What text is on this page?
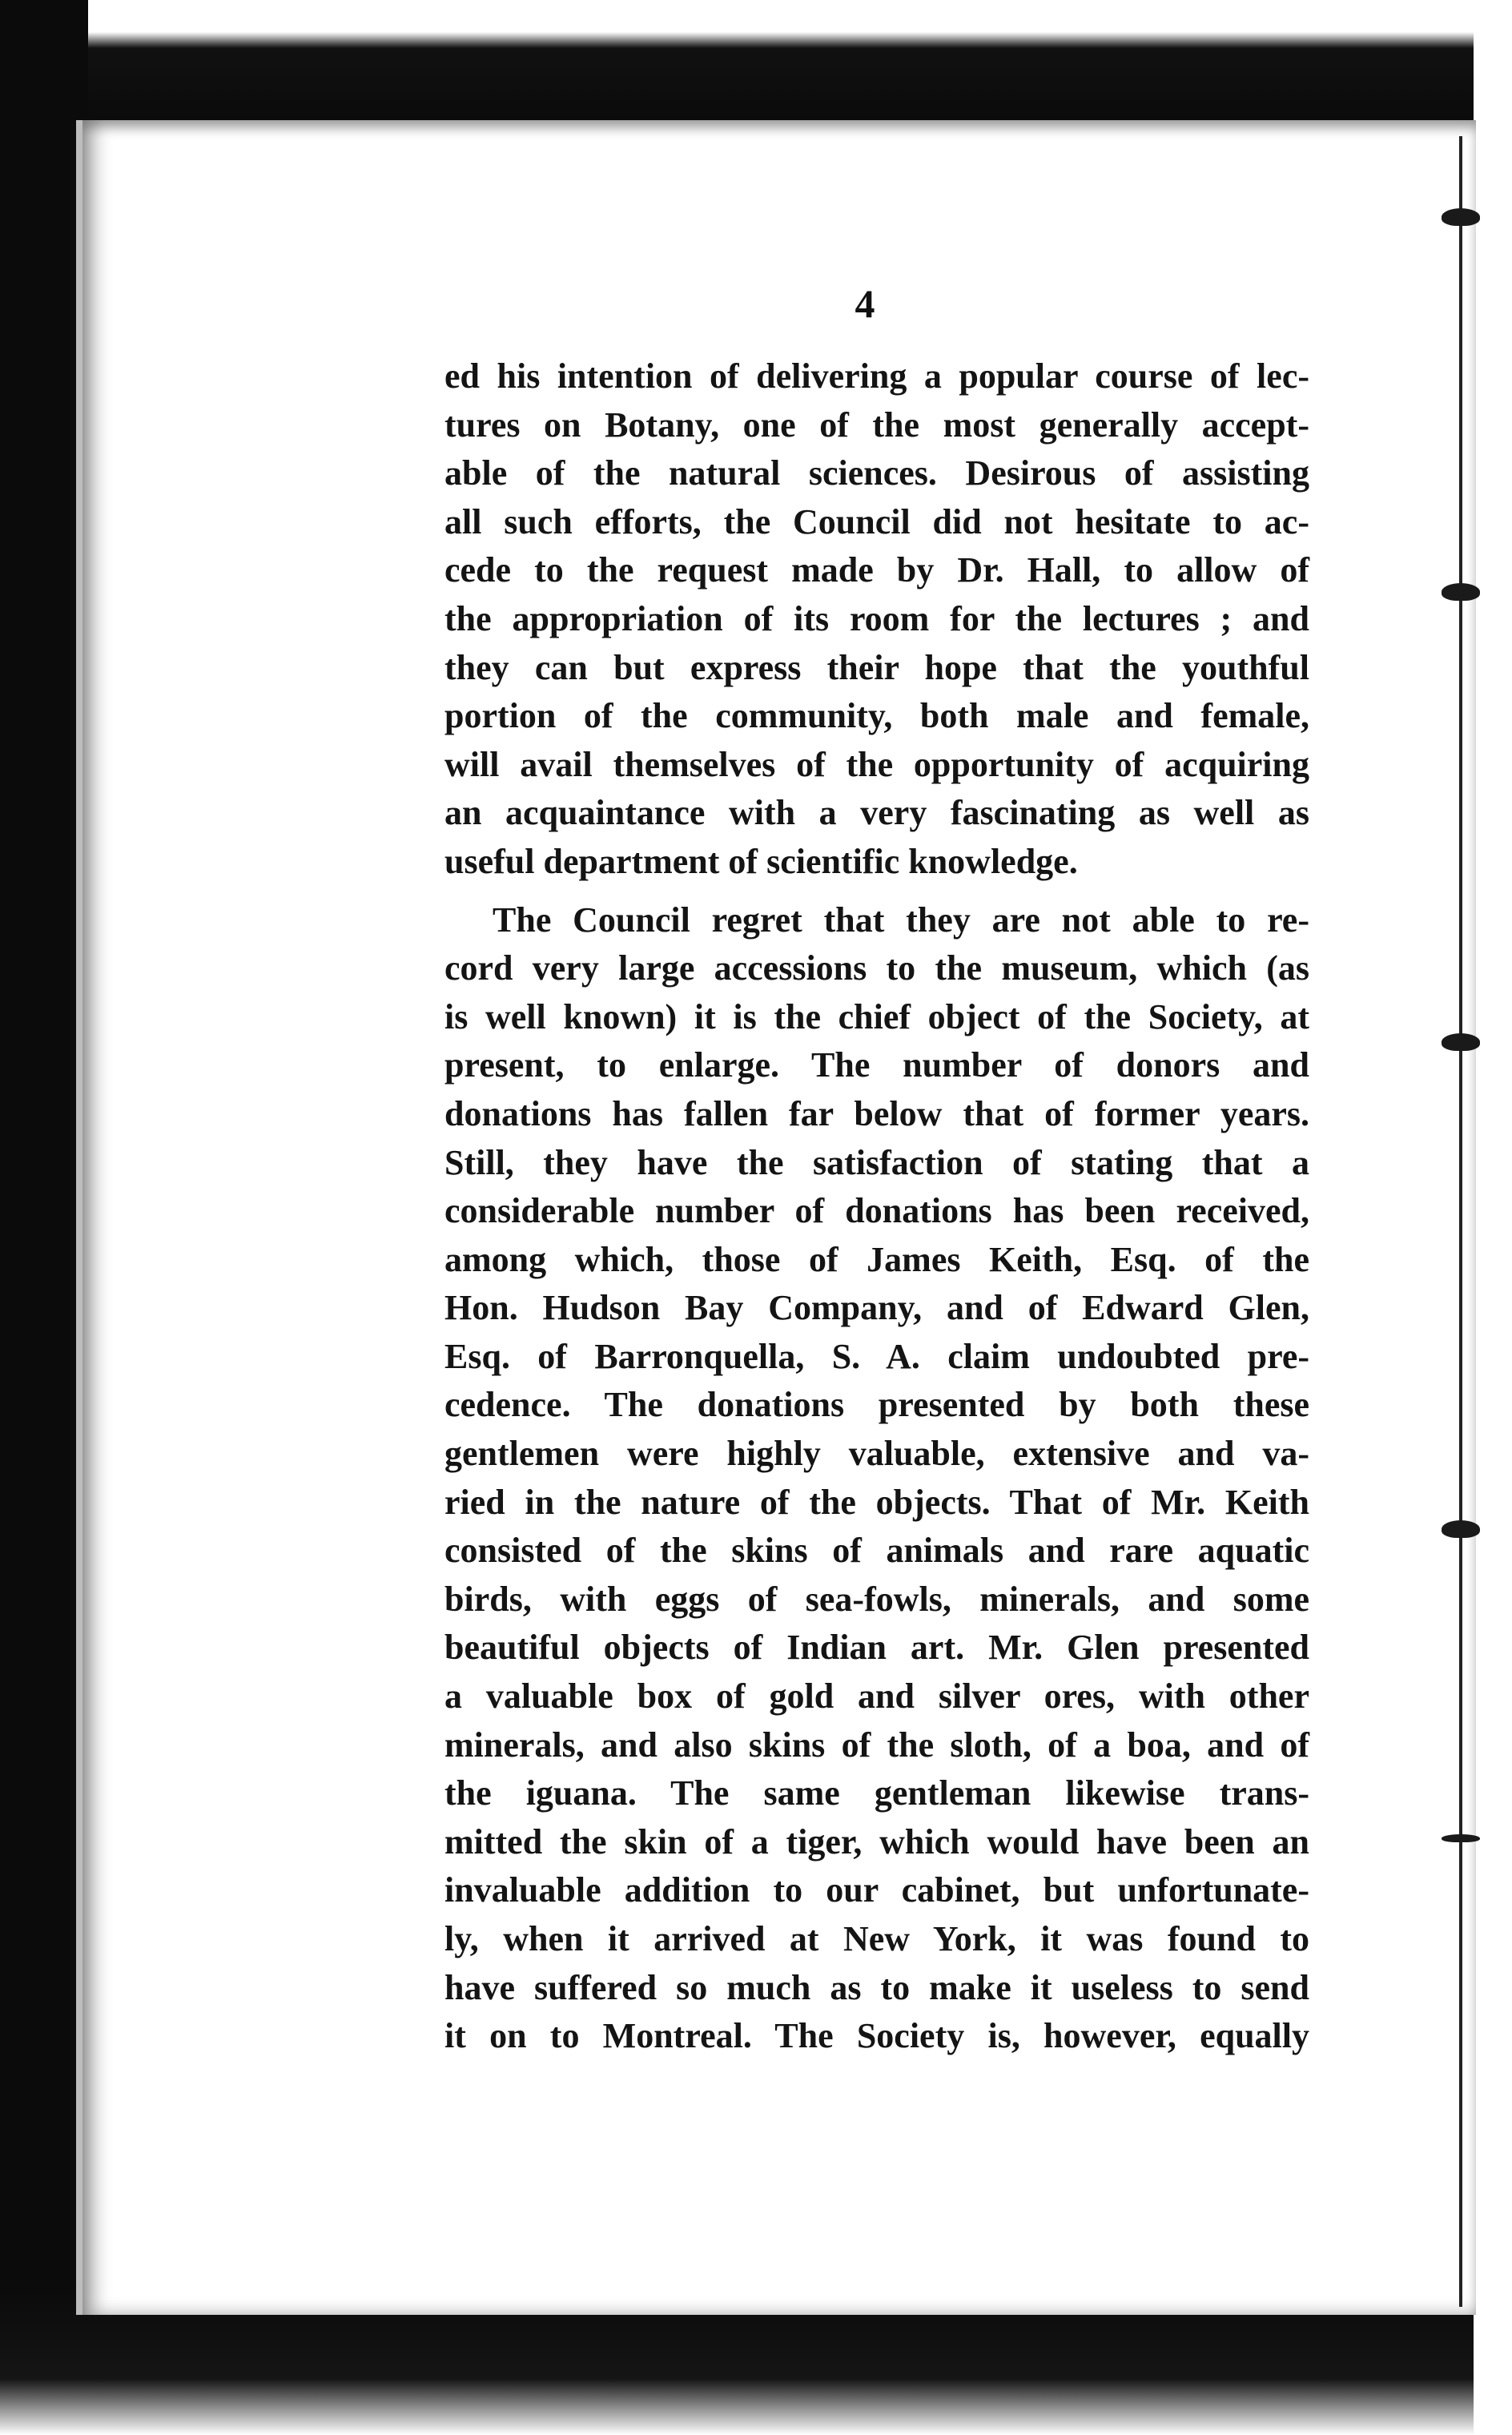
4
ed his intention of delivering a popular course of lec-
tures on Botany, one of the most generally accept-
able of the natural sciences. Desirous of assisting
all such efforts, the Council did not hesitate to ac-
cede to the request made by Dr. Hall, to allow of
the appropriation of its room for the lectures ; and
they can but express their hope that the youthful
portion of the community, both male and female,
will avail themselves of the opportunity of acquiring
an acquaintance with a very fascinating as well as
useful department of scientific knowledge.
The Council regret that they are not able to re-
cord very large accessions to the museum, which (as
is well known) it is the chief object of the Society, at
present, to enlarge. The number of donors and
donations has fallen far below that of former years.
Still, they have the satisfaction of stating that a
considerable number of donations has been received,
among which, those of James Keith, Esq. of the
Hon. Hudson Bay Company, and of Edward Glen,
Esq. of Barronquella, S. A. claim undoubted pre-
cedence. The donations presented by both these
gentlemen were highly valuable, extensive and va-
ried in the nature of the objects. That of Mr. Keith
consisted of the skins of animals and rare aquatic
birds, with eggs of sea-fowls, minerals, and some
beautiful objects of Indian art. Mr. Glen presented
a valuable box of gold and silver ores, with other
minerals, and also skins of the sloth, of a boa, and of
the iguana. The same gentleman likewise trans-
mitted the skin of a tiger, which would have been an
invaluable addition to our cabinet, but unfortunate-
ly, when it arrived at New York, it was found to
have suffered so much as to make it useless to send
it on to Montreal. The Society is, however, equally
